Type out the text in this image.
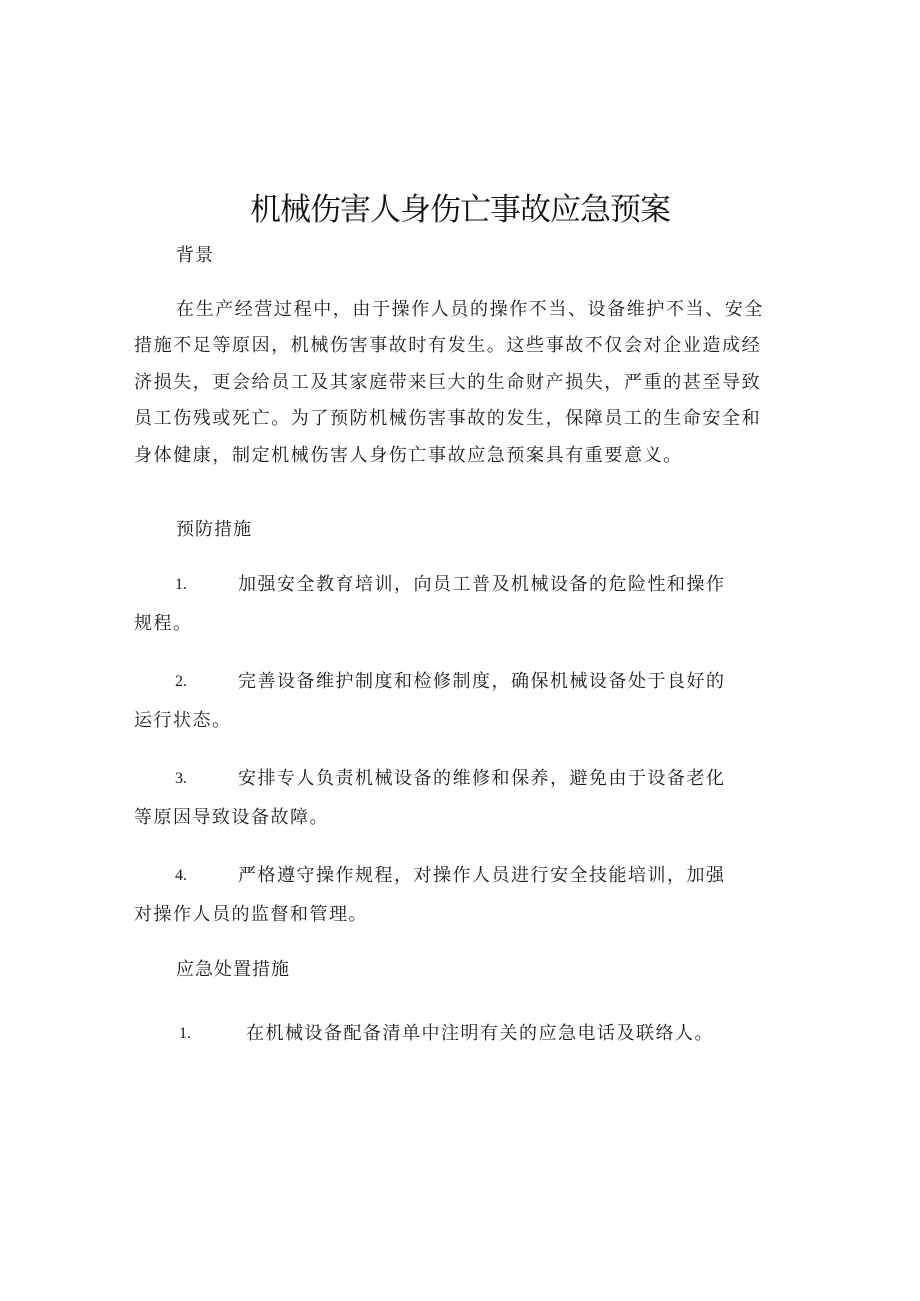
机械伤害人身伤亡事故应急预案
背景

在生产经营过程中，由于操作人员的操作不当、设备维护不当、安全措施不足等原因，机械伤害事故时有发生。这些事故不仅会对企业造成经济损失，更会给员工及其家庭带来巨大的生命财产损失，严重的甚至导致员工伤残或死亡。为了预防机械伤害事故的发生，保障员工的生命安全和身体健康，制定机械伤害人身伤亡事故应急预案具有重要意义。

预防措施
1.	加强安全教育培训，向员工普及机械设备的危险性和操作
规程。
2.	完善设备维护制度和检修制度，确保机械设备处于良好的
运行状态。
3.	安排专人负责机械设备的维修和保养，避免由于设备老化
等原因导致设备故障。
4.	严格遵守操作规程，对操作人员进行安全技能培训，加强
对操作人员的监督和管理。
应急处置措施
1.	在机械设备配备清单中注明有关的应急电话及联络人。
